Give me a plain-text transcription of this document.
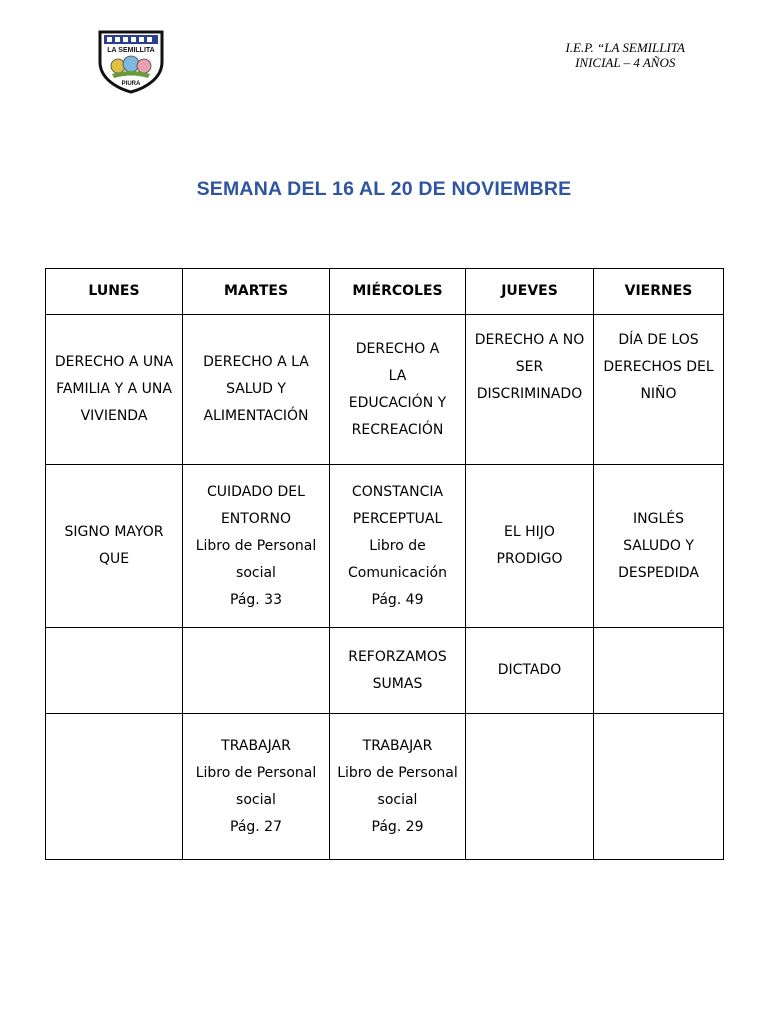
LA SEMILLITA
PIURA
I.E.P. “LA SEMILLITA
INICIAL – 4 AÑOS
SEMANA DEL 16 AL 20 DE NOVIEMBRE
LUNES	MARTES	MIÉRCOLES	JUEVES	VIERNES

DERECHO A UNA
FAMILIA Y A UNA
VIVIENDA	DERECHO A LA
SALUD Y
ALIMENTACIÓN	DERECHO A
LA
EDUCACIÓN Y
RECREACIÓN	DERECHO A NO
SER
DISCRIMINADO	DÍA DE LOS
DERECHOS DEL
NIÑO

SIGNO MAYOR
QUE	CUIDADO DEL
ENTORNO
Libro de Personal
social
Pág. 33	CONSTANCIA
PERCEPTUAL
Libro de
Comunicación
Pág. 49	EL HIJO
PRODIGO	INGLÉS
SALUDO Y
DESPEDIDA

		REFORZAMOS
SUMAS	DICTADO	

	TRABAJAR
Libro de Personal
social
Pág. 27	TRABAJAR
Libro de Personal
social
Pág. 29		
